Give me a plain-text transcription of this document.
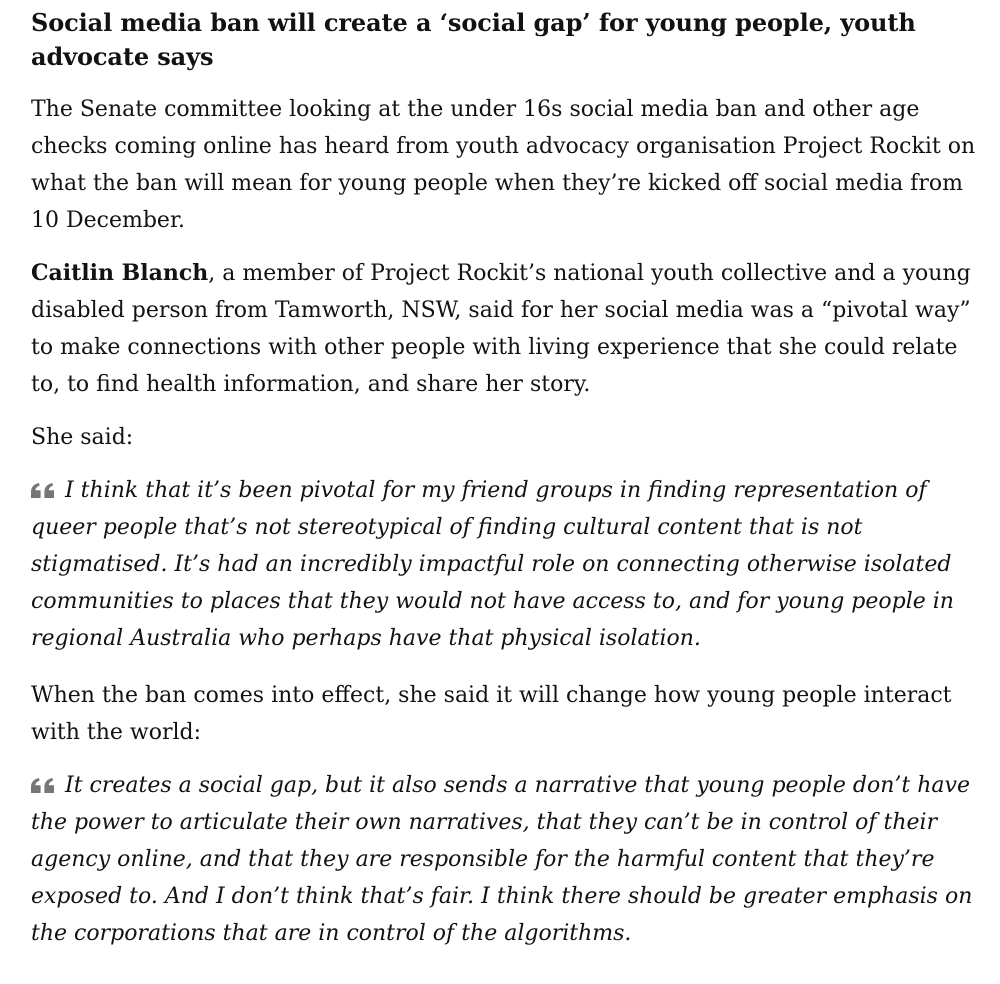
Social media ban will create a ‘social gap’ for young people, youth advocate says

The Senate committee looking at the under 16s social media ban and other age checks coming online has heard from youth advocacy organisation Project Rockit on what the ban will mean for young people when they’re kicked off social media from 10 December.

Caitlin Blanch, a member of Project Rockit’s national youth collective and a young disabled person from Tamworth, NSW, said for her social media was a “pivotal way” to make connections with other people with living experience that she could relate to, to find health information, and share her story.

She said:

I think that it’s been pivotal for my friend groups in finding representation of queer people that’s not stereotypical of finding cultural content that is not stigmatised. It’s had an incredibly impactful role on connecting otherwise isolated communities to places that they would not have access to, and for young people in regional Australia who perhaps have that physical isolation.

When the ban comes into effect, she said it will change how young people interact with the world:

It creates a social gap, but it also sends a narrative that young people don’t have the power to articulate their own narratives, that they can’t be in control of their agency online, and that they are responsible for the harmful content that they’re exposed to. And I don’t think that’s fair. I think there should be greater emphasis on the corporations that are in control of the algorithms.
